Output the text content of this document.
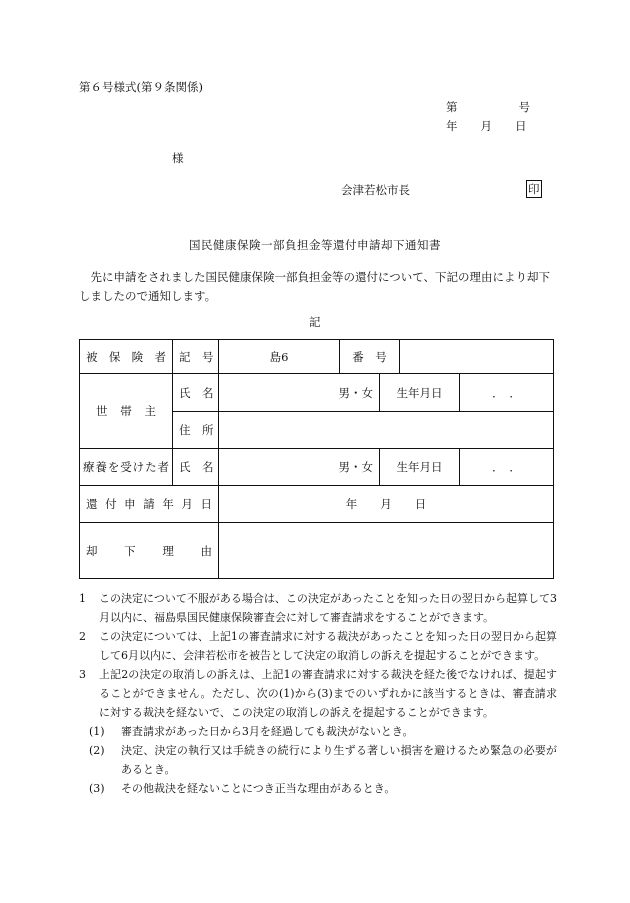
第６号様式(第９条関係)
第　　　　号
年　　月　　日
様
会津若松市長	印
国民健康保険一部負担金等還付申請却下通知書
　先に申請をされました国民健康保険一部負担金等の還付について、下記の理由により却下しましたので通知します。
記
被保険者	記　号	島6	番　号			
世帯主	氏　名	男・女		生年月日		．　．
	住　所					
療養を受けた者	氏　名	男・女		生年月日		．　．
還付申請年月日		年　　月　　日				
却下理由						
1	この決定について不服がある場合は、この決定があったことを知った日の翌日から起算して3月以内に、福島県国民健康保険審査会に対して審査請求をすることができます。
2	この決定については、上記1の審査請求に対する裁決があったことを知った日の翌日から起算して6月以内に、会津若松市を被告として決定の取消しの訴えを提起することができます。
3	上記2の決定の取消しの訴えは、上記1の審査請求に対する裁決を経た後でなければ、提起することができません。ただし、次の(1)から(3)までのいずれかに該当するときは、審査請求に対する裁決を経ないで、この決定の取消しの訴えを提起することができます。
(1)	審査請求があった日から3月を経過しても裁決がないとき。
(2)	決定、決定の執行又は手続きの続行により生ずる著しい損害を避けるため緊急の必要があるとき。
(3)	その他裁決を経ないことにつき正当な理由があるとき。
